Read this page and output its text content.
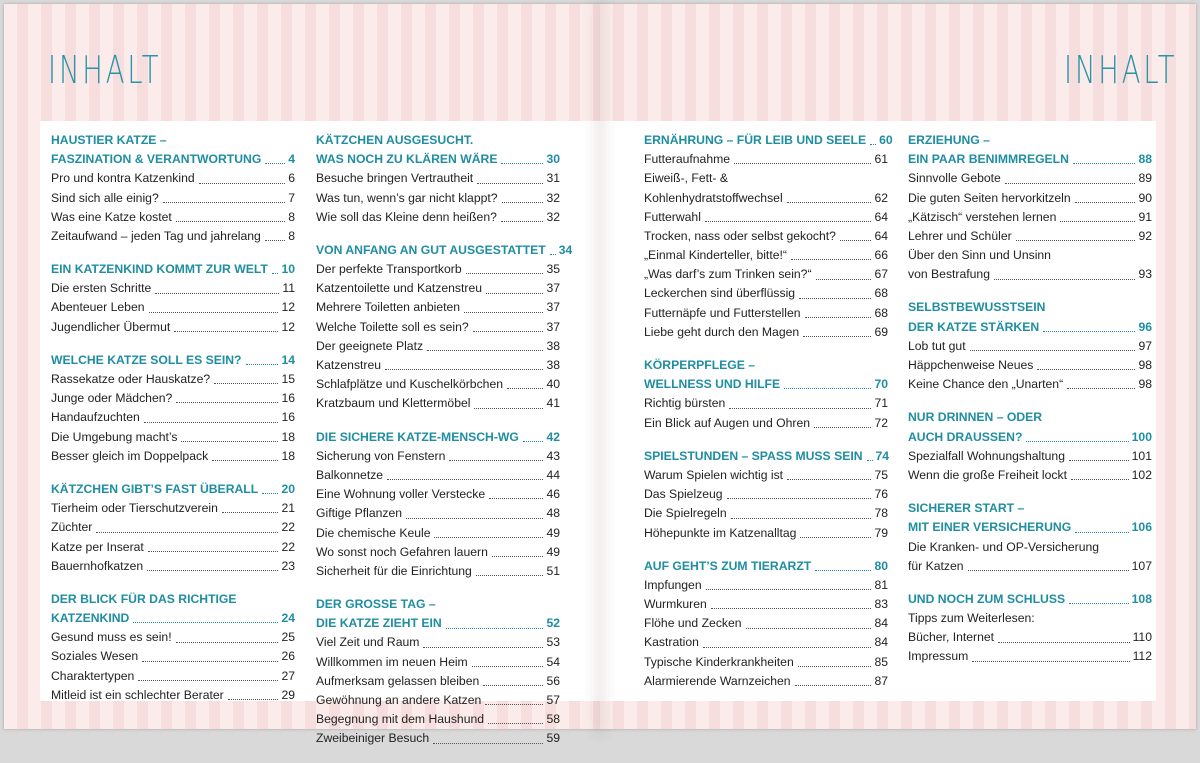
INHALT
HAUSTIER KATZE –
FASZINATION & VERANTWORTUNG 4
Pro und kontra Katzenkind	6
Sind sich alle einig?	7
Was eine Katze kostet	8
Zeitaufwand – jeden Tag und jahrelang 8
EIN KATZENKIND KOMMT ZUR WELT 10
Die ersten Schritte	11
Abenteuer Leben	12
Jugendlicher Übermut	12
WELCHE KATZE SOLL ES SEIN?	14
Rassekatze oder Hauskatze?	15
Junge oder Mädchen?	16
Handaufzuchten	16
Die Umgebung macht’s	18
Besser gleich im Doppelpack	18
KÄTZCHEN GIBT’S FAST ÜBERALL 20
Tierheim oder Tierschutzverein	21
Züchter	22
Katze per Inserat	22
Bauernhofkatzen	23
DER BLICK FÜR DAS RICHTIGE
KATZENKIND	24
Gesund muss es sein!	25
Soziales Wesen	26
Charaktertypen	27
Mitleid ist ein schlechter Berater	29
KÄTZCHEN AUSGESUCHT.
WAS NOCH ZU KLÄREN WÄRE	30
Besuche bringen Vertrautheit	31
Was tun, wenn’s gar nicht klappt?	32
Wie soll das Kleine denn heißen?	32
VON ANFANG AN GUT AUSGESTATTET 34
Der perfekte Transportkorb	35
Katzentoilette und Katzenstreu	37
Mehrere Toiletten anbieten	37
Welche Toilette soll es sein?	37
Der geeignete Platz	38
Katzenstreu	38
Schlafplätze und Kuschelkörbchen	40
Kratzbaum und Klettermöbel	41
DIE SICHERE KATZE-MENSCH-WG 42
Sicherung von Fenstern	43
Balkonnetze	44
Eine Wohnung voller Verstecke	46
Giftige Pflanzen	48
Die chemische Keule	49
Wo sonst noch Gefahren lauern	49
Sicherheit für die Einrichtung	51
DER GROSSE TAG –
DIE KATZE ZIEHT EIN	52
Viel Zeit und Raum	53
Willkommen im neuen Heim	54
Aufmerksam gelassen bleiben	56
Gewöhnung an andere Katzen	57
Begegnung mit dem Haushund	58
Zweibeiniger Besuch	59
INHALT
ERNÄHRUNG – FÜR LEIB UND SEELE 60
Futteraufnahme	61
Eiweiß-, Fett- &
Kohlenhydratstoffwechsel	62
Futterwahl	64
Trocken, nass oder selbst gekocht?	64
„Einmal Kinderteller, bitte!“	66
„Was darf’s zum Trinken sein?“	67
Leckerchen sind überflüssig	68
Futternäpfe und Futterstellen	68
Liebe geht durch den Magen	69
KÖRPERPFLEGE –
WELLNESS UND HILFE	70
Richtig bürsten	71
Ein Blick auf Augen und Ohren	72
SPIELSTUNDEN – SPASS MUSS SEIN 74
Warum Spielen wichtig ist	75
Das Spielzeug	76
Die Spielregeln	78
Höhepunkte im Katzenalltag	79
AUF GEHT’S ZUM TIERARZT	80
Impfungen	81
Wurmkuren	83
Flöhe und Zecken	84
Kastration	84
Typische Kinderkrankheiten	85
Alarmierende Warnzeichen	87
ERZIEHUNG –
EIN PAAR BENIMMREGELN	88
Sinnvolle Gebote	89
Die guten Seiten hervorkitzeln	90
„Kätzisch“ verstehen lernen	91
Lehrer und Schüler	92
Über den Sinn und Unsinn
von Bestrafung	93
SELBSTBEWUSSTSEIN
DER KATZE STÄRKEN	96
Lob tut gut	97
Häppchenweise Neues	98
Keine Chance den „Unarten“	98
NUR DRINNEN – ODER
AUCH DRAUSSEN?	100
Spezialfall Wohnungshaltung	101
Wenn die große Freiheit lockt	102
SICHERER START –
MIT EINER VERSICHERUNG	106
Die Kranken- und OP-Versicherung
für Katzen	107
UND NOCH ZUM SCHLUSS	108
Tipps zum Weiterlesen:
Bücher, Internet	110
Impressum	112
